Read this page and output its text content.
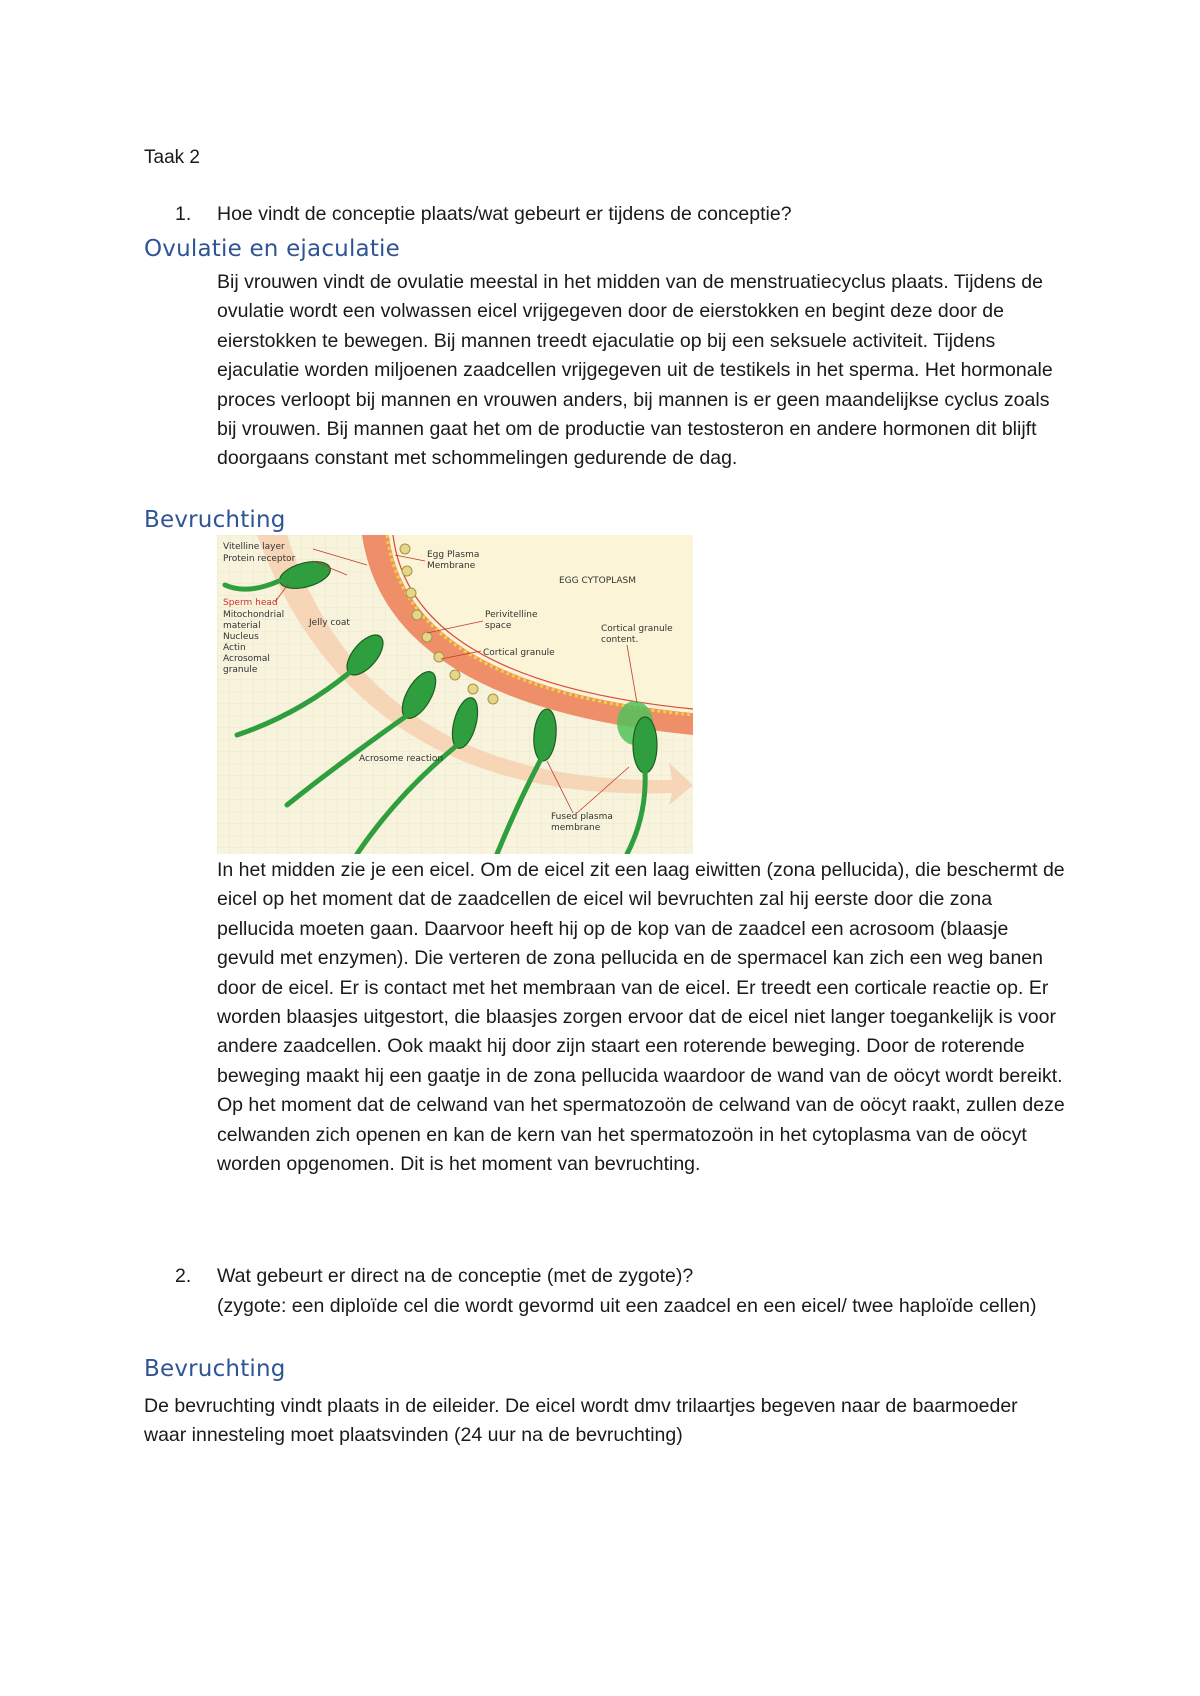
Taak 2
1. Hoe vindt de conceptie plaats/wat gebeurt er tijdens de conceptie?
Ovulatie en ejaculatie

Bij vrouwen vindt de ovulatie meestal in het midden van de menstruatiecyclus plaats. Tijdens de ovulatie wordt een volwassen eicel vrijgegeven door de eierstokken en begint deze door de eierstokken te bewegen. Bij mannen treedt ejaculatie op bij een seksuele activiteit. Tijdens ejaculatie worden miljoenen zaadcellen vrijgegeven uit de testikels in het sperma. Het hormonale proces verloopt bij mannen en vrouwen anders, bij mannen is er geen maandelijkse cyclus zoals bij vrouwen. Bij mannen gaat het om de productie van testosteron en andere hormonen dit blijft doorgaans constant met schommelingen gedurende de dag.

Bevruchting
Vitelline layer
Protein receptor	Egg Plasma
Membrane
EGG CYTOPLASM
Sperm head
Mitochondrial
material
Nucleus
Actin
Acrosomal
granule
Jelly coat
Perivitelline
space
Cortical granule
Cortical granule
content.
Acrosome reaction
Fused plasma
membrane

In het midden zie je een eicel. Om de eicel zit een laag eiwitten (zona pellucida), die beschermt de eicel op het moment dat de zaadcellen de eicel wil bevruchten zal hij eerste door die zona pellucida moeten gaan. Daarvoor heeft hij op de kop van de zaadcel een acrosoom (blaasje gevuld met enzymen). Die verteren de zona pellucida en de spermacel kan zich een weg banen door de eicel. Er is contact met het membraan van de eicel. Er treedt een corticale reactie op. Er worden blaasjes uitgestort, die blaasjes zorgen ervoor dat de eicel niet langer toegankelijk is voor andere zaadcellen. Ook maakt hij door zijn staart een roterende beweging. Door de roterende beweging maakt hij een gaatje in de zona pellucida waardoor de wand van de oöcyt wordt bereikt. Op het moment dat de celwand van het spermatozoön de celwand van de oöcyt raakt, zullen deze celwanden zich openen en kan de kern van het spermatozoön in het cytoplasma van de oöcyt worden opgenomen. Dit is het moment van bevruchting.

2. Wat gebeurt er direct na de conceptie (met de zygote)?

(zygote: een diploïde cel die wordt gevormd uit een zaadcel en een eicel/ twee haploïde cellen)

Bevruchting

De bevruchting vindt plaats in de eileider. De eicel wordt dmv trilaartjes begeven naar de baarmoeder waar innesteling moet plaatsvinden (24 uur na de bevruchting)
